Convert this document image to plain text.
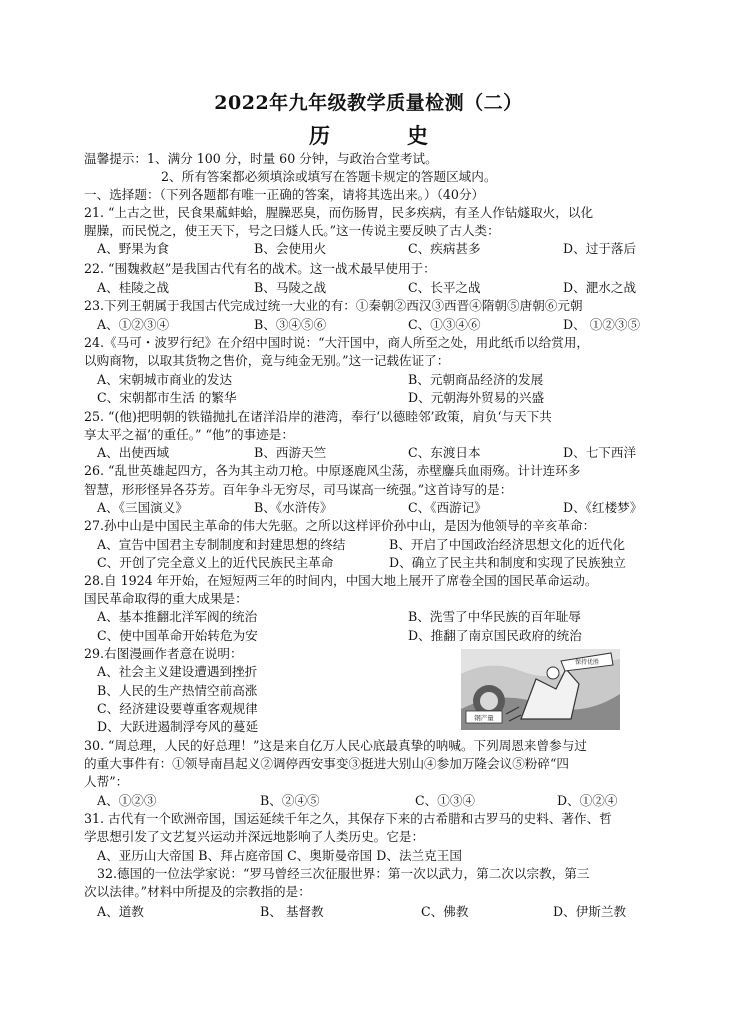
2022年九年级教学质量检测（二）
历　史
温馨提示：1、满分 100 分，时量 60 分钟，与政治合堂考试。
2、所有答案都必须填涂或填写在答题卡规定的答题区域内。
一、选择题：（下列各题都有唯一正确的答案，请将其选出来。）（40分）
21. “上古之世，民食果蓏蚌蛤，腥臊恶臭，而伤肠胃，民多疾病，有圣人作钻燧取火，以化
腥臊，而民悦之，使王天下，号之曰燧人氏。”这一传说主要反映了古人类：
A、野果为食	B、会使用火	C、疾病甚多	D、过于落后
22. “围魏救赵”是我国古代有名的战术。这一战术最早使用于：
A、桂陵之战	B、马陵之战	C、长平之战	D、淝水之战
23.下列王朝属于我国古代完成过统一大业的有：①秦朝②西汉③西晋④隋朝⑤唐朝⑥元朝
A、①②③④	B、③④⑤⑥	C、①③④⑥	D、 ①②③⑤
24.《马可・波罗行纪》在介绍中国时说：“大汗国中，商人所至之处，用此纸币以给赏用，
以购商物，以取其货物之售价，竟与纯金无别。”这一记载佐证了：
A、宋朝城市商业的发达	B、元朝商品经济的发展
C、宋朝都市生活 的繁华	D、元朝海外贸易的兴盛
25. “(他)把明朝的铁锚抛扎在诸洋沿岸的港湾，奉行‘以德睦邻’政策，肩负‘与天下共
享太平之福’的重任。” “他”的事迹是：
A、出使西域	B、西游天竺	C、东渡日本	D、七下西洋
26. “乱世英雄起四方，各为其主动刀枪。中原逐鹿风尘荡，赤壁鏖兵血雨殇。计计连环多
智慧，形形怪异各芬芳。百年争斗无穷尽，司马谋高一统强。”这首诗写的是：
A、《三国演义》	B、《水浒传》	C、《西游记》	D、《红楼梦》
27.孙中山是中国民主革命的伟大先驱。之所以这样评价孙中山，是因为他领导的辛亥革命：
A、宣告中国君主专制制度和封建思想的终结	B、开启了中国政治经济思想文化的近代化
C、开创了完全意义上的近代民族民主革命	D、确立了民主共和制度和实现了民族独立
28.自 1924 年开始，在短短两三年的时间内，中国大地上展开了席卷全国的国民革命运动。
国民革命取得的重大成果是：
A、基本推翻北洋军阀的统治	B、洗雪了中华民族的百年耻辱
C、使中国革命开始转危为安	D、推翻了南京国民政府的统治
29.右图漫画作者意在说明：
A、社会主义建设遭遇到挫折
B、人民的生产热情空前高涨
C、经济建设要尊重客观规律
D、大跃进遏制浮夸风的蔓延
保持优胜
钢产量
30. “周总理，人民的好总理！”这是来自亿万人民心底最真挚的呐喊。下列周恩来曾参与过
的重大事件有：①领导南昌起义②调停西安事变③挺进大别山④参加万隆会议⑤粉碎“四
人帮”：
A、①②③	B、②④⑤	C、①③④	D、①②④
31. 古代有一个欧洲帝国，国运延续千年之久，其保存下来的古希腊和古罗马的史料、著作、哲
学思想引发了文艺复兴运动并深远地影响了人类历史。它是：
A、亚历山大帝国 B、拜占庭帝国 C、奥斯曼帝国 D、法兰克王国
32.德国的一位法学家说：“罗马曾经三次征服世界：第一次以武力，第二次以宗教，第三
次以法律。”材料中所提及的宗教指的是：
A、道教	B、 基督教	C、佛教	D、伊斯兰教
